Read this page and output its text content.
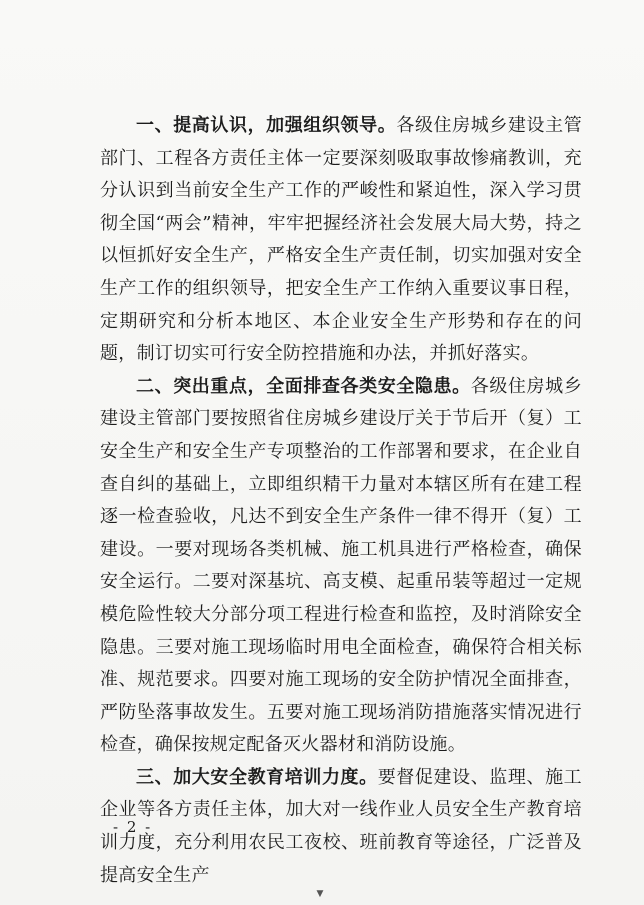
一、提高认识，加强组织领导。各级住房城乡建设主管部门、工程各方责任主体一定要深刻吸取事故惨痛教训，充分认识到当前安全生产工作的严峻性和紧迫性，深入学习贯彻全国“两会”精神，牢牢把握经济社会发展大局大势，持之以恒抓好安全生产，严格安全生产责任制，切实加强对安全生产工作的组织领导，把安全生产工作纳入重要议事日程，定期研究和分析本地区、本企业安全生产形势和存在的问题，制订切实可行安全防控措施和办法，并抓好落实。

二、突出重点，全面排查各类安全隐患。各级住房城乡建设主管部门要按照省住房城乡建设厅关于节后开（复）工安全生产和安全生产专项整治的工作部署和要求，在企业自查自纠的基础上，立即组织精干力量对本辖区所有在建工程逐一检查验收，凡达不到安全生产条件一律不得开（复）工建设。一要对现场各类机械、施工机具进行严格检查，确保安全运行。二要对深基坑、高支模、起重吊装等超过一定规模危险性较大分部分项工程进行检查和监控，及时消除安全隐患。三要对施工现场临时用电全面检查，确保符合相关标准、规范要求。四要对施工现场的安全防护情况全面排查，严防坠落事故发生。五要对施工现场消防措施落实情况进行检查，确保按规定配备灭火器材和消防设施。

三、加大安全教育培训力度。要督促建设、监理、施工企业等各方责任主体，加大对一线作业人员安全生产教育培训力度，充分利用农民工夜校、班前教育等途径，广泛普及提高安全生产

- 2 -
▼
